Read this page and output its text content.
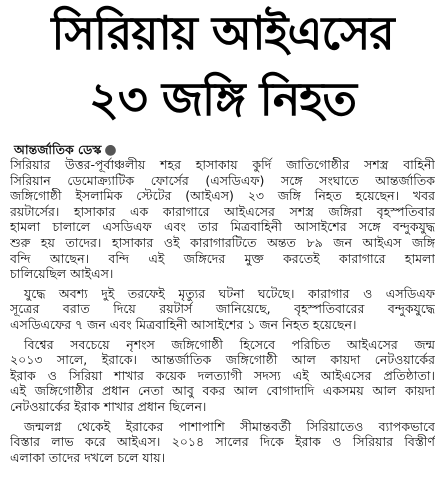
সিরিয়ায় আইএসের
২৩ জঙ্গি নিহত
আন্তর্জাতিক ডেস্ক ●
সিরিয়ার উত্তর-পূর্বাঞ্চলীয় শহর হাসাকায় কুর্দি জাতিগোষ্ঠীর সশস্ত্র বাহিনী
সিরিয়ান ডেমোক্র্যাটিক ফোর্সের (এসডিএফ) সঙ্গে সংঘাতে আন্তর্জাতিক
জঙ্গিগোষ্ঠী ইসলামিক স্টেটের (আইএস) ২৩ জঙ্গি নিহত হয়েছেন। খবর
রয়টার্সের। হাসাকার এক কারাগারে আইএসের সশস্ত্র জঙ্গিরা বৃহস্পতিবার
হামলা চালালে এসডিএফ এবং তার মিত্রবাহিনী আসাইশের সঙ্গে বন্দুকযুদ্ধ
শুরু হয় তাদের। হাসাকার ওই কারাগারটিতে অন্তত ৮৯ জন আইএস জঙ্গি
বন্দি আছেন। বন্দি এই জঙ্গিদের মুক্ত করতেই কারাগারে হামলা
চালিয়েছিল আইএস।
যুদ্ধে অবশ্য দুই তরফেই মৃত্যুর ঘটনা ঘটেছে। কারাগার ও এসডিএফ
সূত্রের বরাত দিয়ে রয়টার্স জানিয়েছে, বৃহস্পতিবারের বন্দুকযুদ্ধে
এসডিএফের ৭ জন এবং মিত্রবাহিনী আসাইশের ১ জন নিহত হয়েছেন।
বিশ্বের সবচেয়ে নৃশংস জঙ্গিগোষ্ঠী হিসেবে পরিচিত আইএসের জন্ম
২০১৩ সালে, ইরাকে। আন্তর্জাতিক জঙ্গিগোষ্ঠী আল কায়দা নেটওয়ার্কের
ইরাক ও সিরিয়া শাখার কয়েক দলত্যাগী সদস্য এই আইএসের প্রতিষ্ঠাতা।
এই জঙ্গিগোষ্ঠীর প্রধান নেতা আবু বকর আল বোগাদাদি একসময় আল কায়দা
নেটওয়ার্কের ইরাক শাখার প্রধান ছিলেন।
জন্মলগ্ন থেকেই ইরাকের পাশাপাশি সীমান্তবর্তী সিরিয়াতেও ব্যাপকভাবে
বিস্তার লাভ করে আইএস। ২০১৪ সালের দিকে ইরাক ও সিরিয়ার বিস্তীর্ণ
এলাকা তাদের দখলে চলে যায়।
